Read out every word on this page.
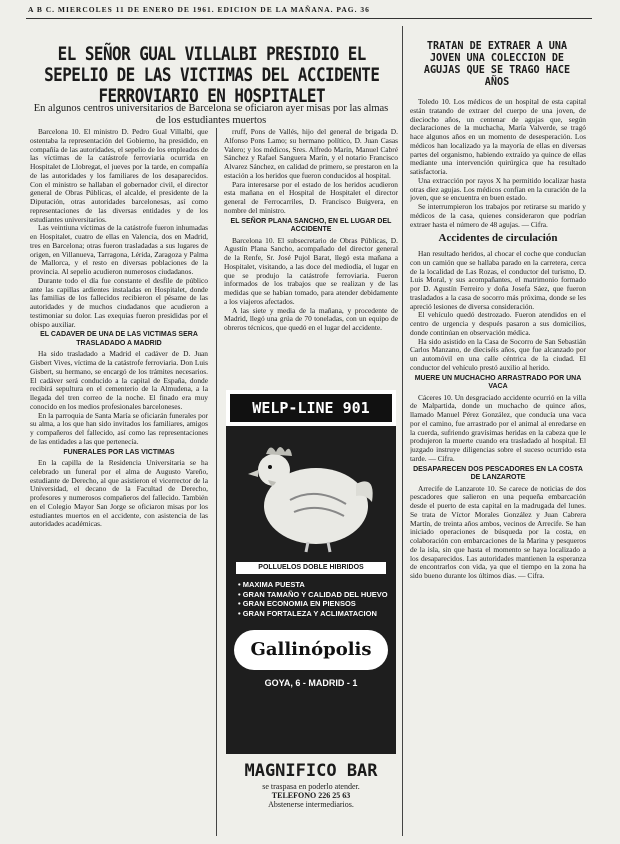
A B C. MIERCOLES 11 DE ENERO DE 1961. EDICION DE LA MAÑANA. PAG. 36
EL SEÑOR GUAL VILLALBI PRESIDIO EL SEPELIO DE LAS VICTIMAS DEL ACCIDENTE FERROVIARIO EN HOSPITALET
En algunos centros universitarios de Barcelona se oficiaron ayer misas por las almas de los estudiantes muertos

Barcelona 10. El ministro D. Pedro Gual Villalbí, que ostentaba la representación del Gobierno, ha presidido, en compañía de las autoridades, el sepelio de los empleados de las víctimas de la catástrofe ferroviaria ocurrida en Hospitalet de Llobregat, el jueves por la tarde, en compañía de las autoridades y los familiares de los desaparecidos. Con el ministro se hallaban el gobernador civil, el director general de Obras Públicas, el alcalde, el presidente de la Diputación, otras autoridades barcelonesas, así como representaciones de las diversas entidades y de los estudiantes universitarios.

Las veintiuna víctimas de la catástrofe fueron inhumadas en Hospitalet, cuatro de ellas en Valencia, dos en Madrid, tres en Barcelona; otras fueron trasladadas a sus lugares de origen, en Villanueva, Tarragona, Lérida, Zaragoza y Palma de Mallorca, y el resto en diversas poblaciones de la provincia. Al sepelio acudieron numerosos ciudadanos.

Durante todo el día fue constante el desfile de público ante las capillas ardientes instaladas en Hospitalet, donde las familias de los fallecidos recibieron el pésame de las autoridades y de muchos ciudadanos que acudieron a testimoniar su dolor. Las exequias fueron presididas por el obispo auxiliar.

EL CADAVER DE UNA DE LAS VICTIMAS SERA TRASLADADO A MADRID

Ha sido trasladado a Madrid el cadáver de D. Juan Gisbert Vives, víctima de la catástrofe ferroviaria. Don Luis Gisbert, su hermano, se encargó de los trámites necesarios. El cadáver será conducido a la capital de España, donde recibirá sepultura en el cementerio de la Almudena, a la llegada del tren correo de la noche. El finado era muy conocido en los medios profesionales barceloneses.

En la parroquia de Santa María se oficiarán funerales por su alma, a los que han sido invitados los familiares, amigos y compañeros del fallecido, así como las representaciones de las entidades a las que pertenecía.

FUNERALES POR LAS VICTIMAS

En la capilla de la Residencia Universitaria se ha celebrado un funeral por el alma de Augusto Vareño, estudiante de Derecho, al que asistieron el vicerrector de la Universidad, el decano de la Facultad de Derecho, profesores y numerosos compañeros del fallecido. También en el Colegio Mayor San Jorge se oficiaron misas por los estudiantes muertos en el accidente, con asistencia de las autoridades académicas.

rruff, Pons de Vallés, hijo del general de brigada D. Alfonso Pons Lamo; su hermano político, D. Juan Casas Valero; y los médicos, Sres. Alfredo Marín, Manuel Cabré Sánchez y Rafael Sanguera Marín, y el notario Francisco Alvarez Sánchez, en calidad de primero, se prestaron en la estación a los heridos que fueron conducidos al hospital.

Para interesarse por el estado de los heridos acudieron esta mañana en el Hospital de Hospitalet el director general de Ferrocarriles, D. Francisco Buigvera, en nombre del ministro.

EL SEÑOR PLANA SANCHO, EN EL LUGAR DEL ACCIDENTE

Barcelona 10. El subsecretario de Obras Públicas, D. Agustín Plana Sancho, acompañado del director general de la Renfe, Sr. José Pujol Barat, llegó esta mañana a Hospitalet, visitando, a las doce del mediodía, el lugar en que se produjo la catástrofe ferroviaria. Fueron informados de los trabajos que se realizan y de las medidas que se habían tomado, para atender debidamente a los viajeros afectados.

A las siete y media de la mañana, y procedente de Madrid, llegó una grúa de 70 toneladas, con un equipo de obreros técnicos, que quedó en el lugar del accidente.

WELP-LINE 901
POLLUELOS DOBLE HIBRIDOS
• MAXIMA PUESTA
• GRAN TAMAÑO Y CALIDAD DEL HUEVO
• GRAN ECONOMIA EN PIENSOS
• GRAN FORTALEZA Y ACLIMATACION
Gallinópolis
GOYA, 6 - MADRID - 1
MAGNIFICO BAR
se traspasa en poderlo atender.
TELEFONO 226 25 63
Abstenerse intermediarios.
TRATAN DE EXTRAER A UNA JOVEN UNA COLECCION DE AGUJAS QUE SE TRAGO HACE AÑOS

Toledo 10. Los médicos de un hospital de esta capital están tratando de extraer del cuerpo de una joven, de dieciocho años, un centenar de agujas que, según declaraciones de la muchacha, María Valverde, se tragó hace algunos años en un momento de desesperación. Los médicos han localizado ya la mayoría de ellas en diversas partes del organismo, habiendo extraído ya quince de ellas mediante una intervención quirúrgica que ha resultado satisfactoria.

Una extracción por rayos X ha permitido localizar hasta otras diez agujas. Los médicos confían en la curación de la joven, que se encuentra en buen estado.

Se interrumpieron los trabajos por retirarse su marido y médicos de la casa, quienes consideraron que podrían extraer hasta el número de 48 agujas. — Cifra.

Accidentes de circulación

Han resultado heridos, al chocar el coche que conducían con un camión que se hallaba parado en la carretera, cerca de la localidad de Las Rozas, el conductor del turismo, D. Luis Moral, y sus acompañantes, el matrimonio formado por D. Agustín Ferreiro y doña Josefa Sáez, que fueron trasladados a la casa de socorro más próxima, donde se les apreció lesiones de diversa consideración.

El vehículo quedó destrozado. Fueron atendidos en el centro de urgencia y después pasaron a sus domicilios, donde continúan en observación médica.

Ha sido asistido en la Casa de Socorro de San Sebastián Carlos Manzano, de dieciséis años, que fue alcanzado por un automóvil en una calle céntrica de la ciudad. El conductor del vehículo prestó auxilio al herido.

MUERE UN MUCHACHO ARRASTRADO POR UNA VACA

Cáceres 10. Un desgraciado accidente ocurrió en la villa de Malpartida, donde un muchacho de quince años, llamado Manuel Pérez González, que conducía una vaca por el camino, fue arrastrado por el animal al enredarse en la cuerda, sufriendo gravísimas heridas en la cabeza que le produjeron la muerte cuando era trasladado al hospital. El juzgado instruye diligencias sobre el suceso ocurrido esta tarde. — Cifra.

DESAPARECEN DOS PESCADORES EN LA COSTA DE LANZAROTE

Arrecife de Lanzarote 10. Se carece de noticias de dos pescadores que salieron en una pequeña embarcación desde el puerto de esta capital en la madrugada del lunes. Se trata de Víctor Morales González y Juan Cabrera Martín, de treinta años ambos, vecinos de Arrecife. Se han iniciado operaciones de búsqueda por la costa, en colaboración con embarcaciones de la Marina y pesqueros de la isla, sin que hasta el momento se haya localizado a los desaparecidos. Las autoridades mantienen la esperanza de encontrarlos con vida, ya que el tiempo en la zona ha sido bueno durante los últimos días. — Cifra.
